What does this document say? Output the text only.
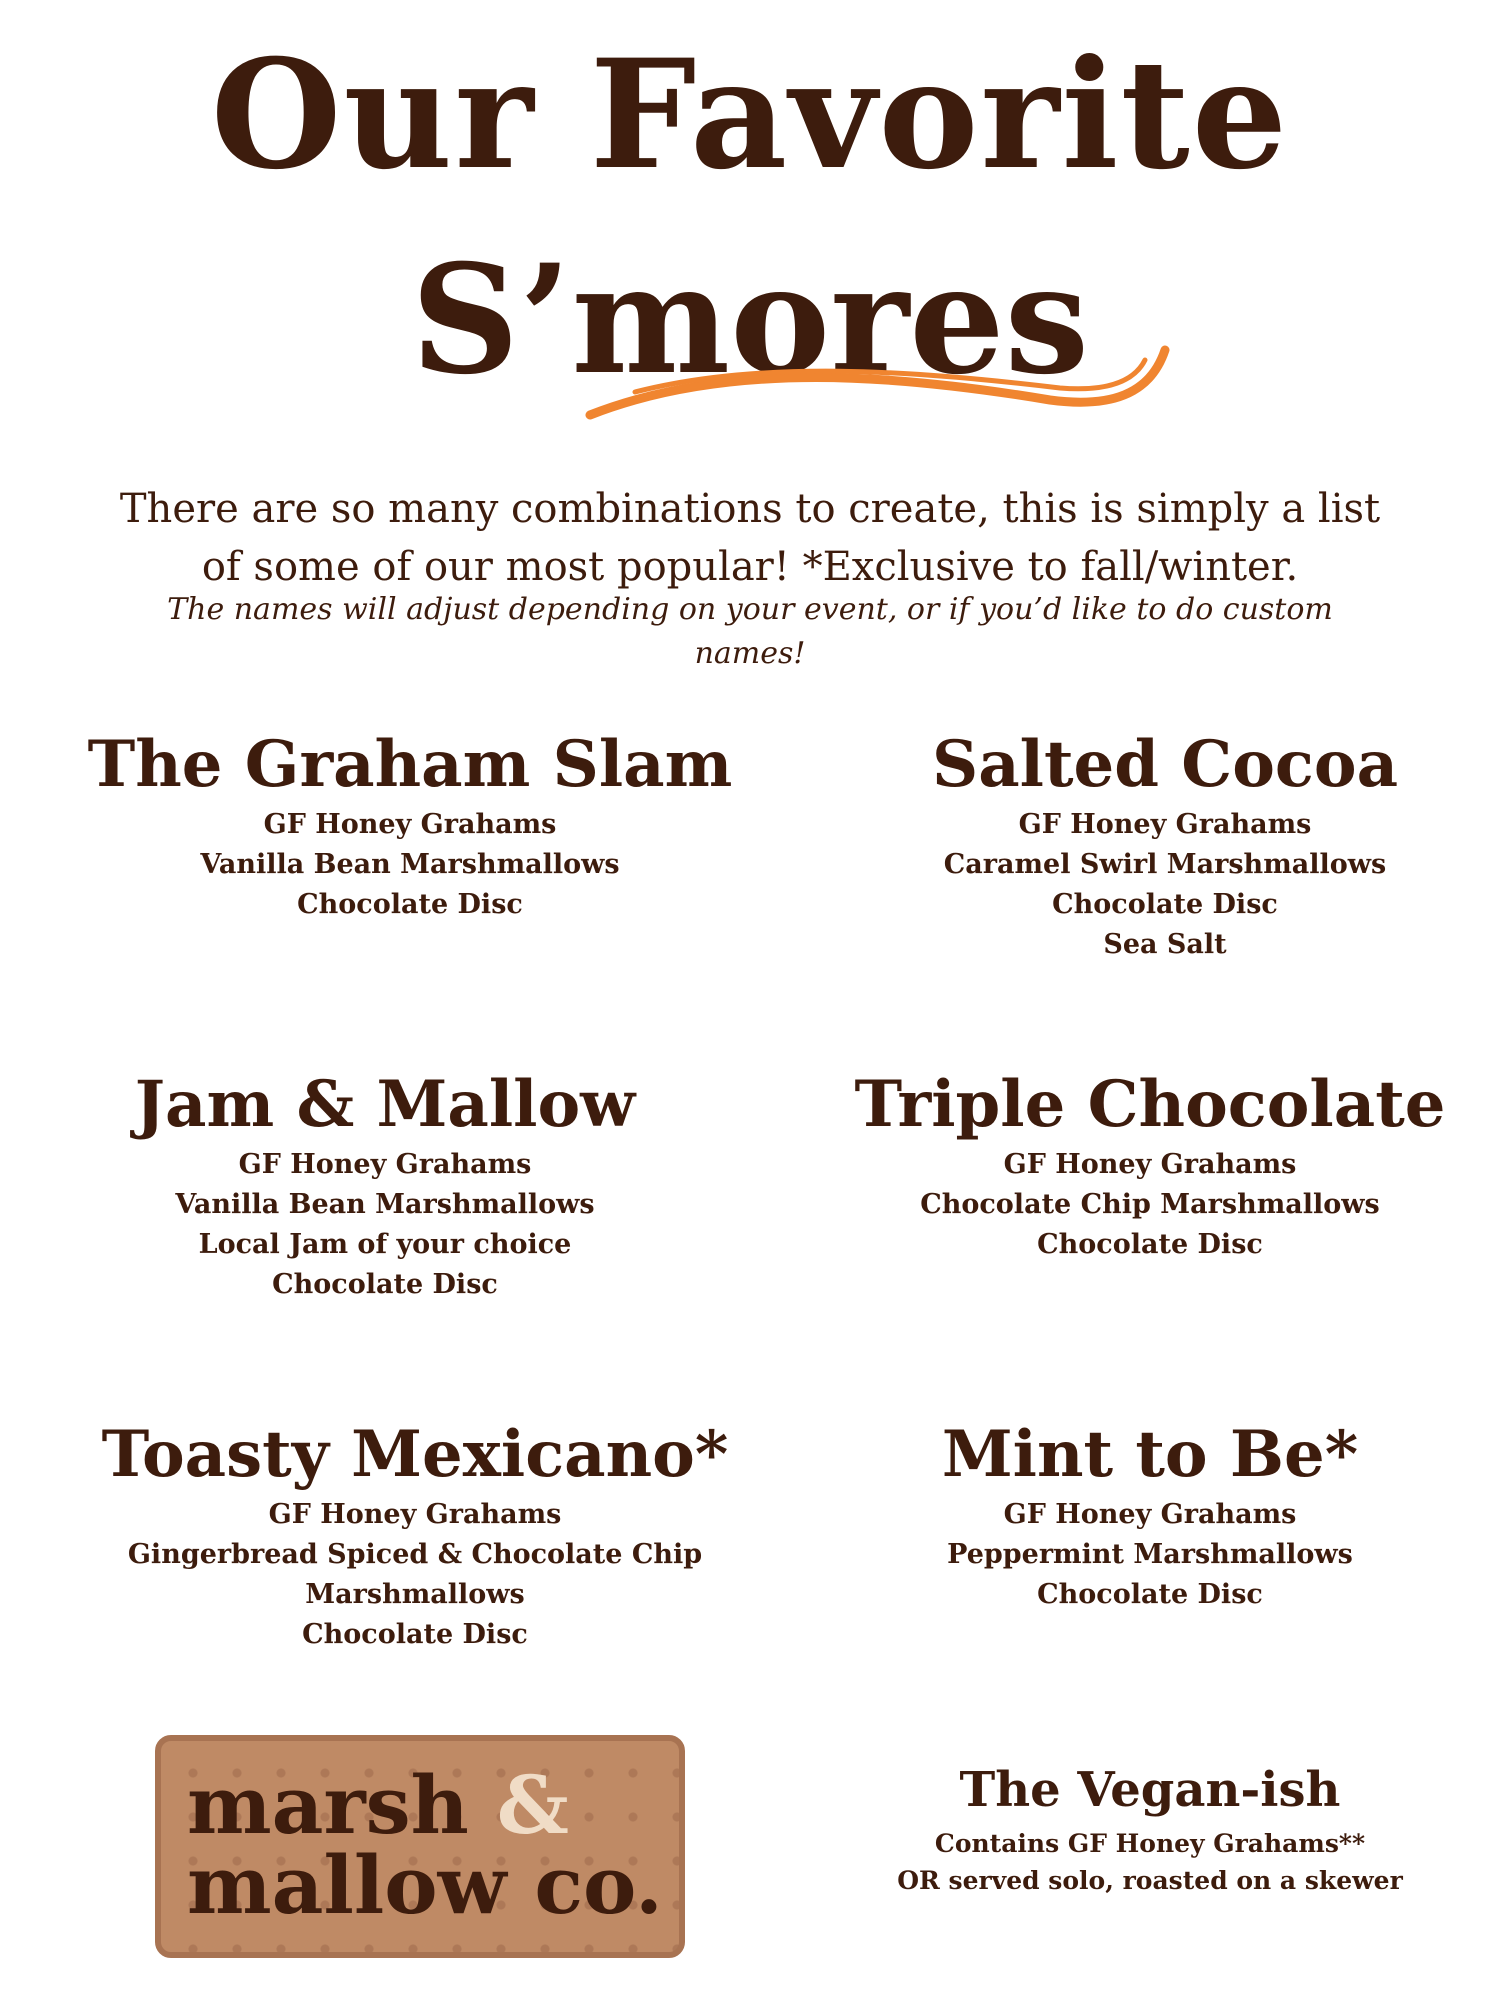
Our Favorite
S’mores

There are so many combinations to create, this is simply a list of some of our most popular! *Exclusive to fall/winter.

The names will adjust depending on your event, or if you’d like to do custom names!

The Graham Slam
GF Honey Grahams
Vanilla Bean Marshmallows
Chocolate Disc
Salted Cocoa
GF Honey Grahams
Caramel Swirl Marshmallows
Chocolate Disc
Sea Salt
Jam & Mallow
GF Honey Grahams
Vanilla Bean Marshmallows
Local Jam of your choice
Chocolate Disc
Triple Chocolate
GF Honey Grahams
Chocolate Chip Marshmallows
Chocolate Disc
Toasty Mexicano*
GF Honey Grahams
Gingerbread Spiced & Chocolate Chip Marshmallows
Chocolate Disc
Mint to Be*
GF Honey Grahams
Peppermint Marshmallows
Chocolate Disc
marsh &
mallow co.
The Vegan-ish
Contains GF Honey Grahams**
OR served solo, roasted on a skewer
